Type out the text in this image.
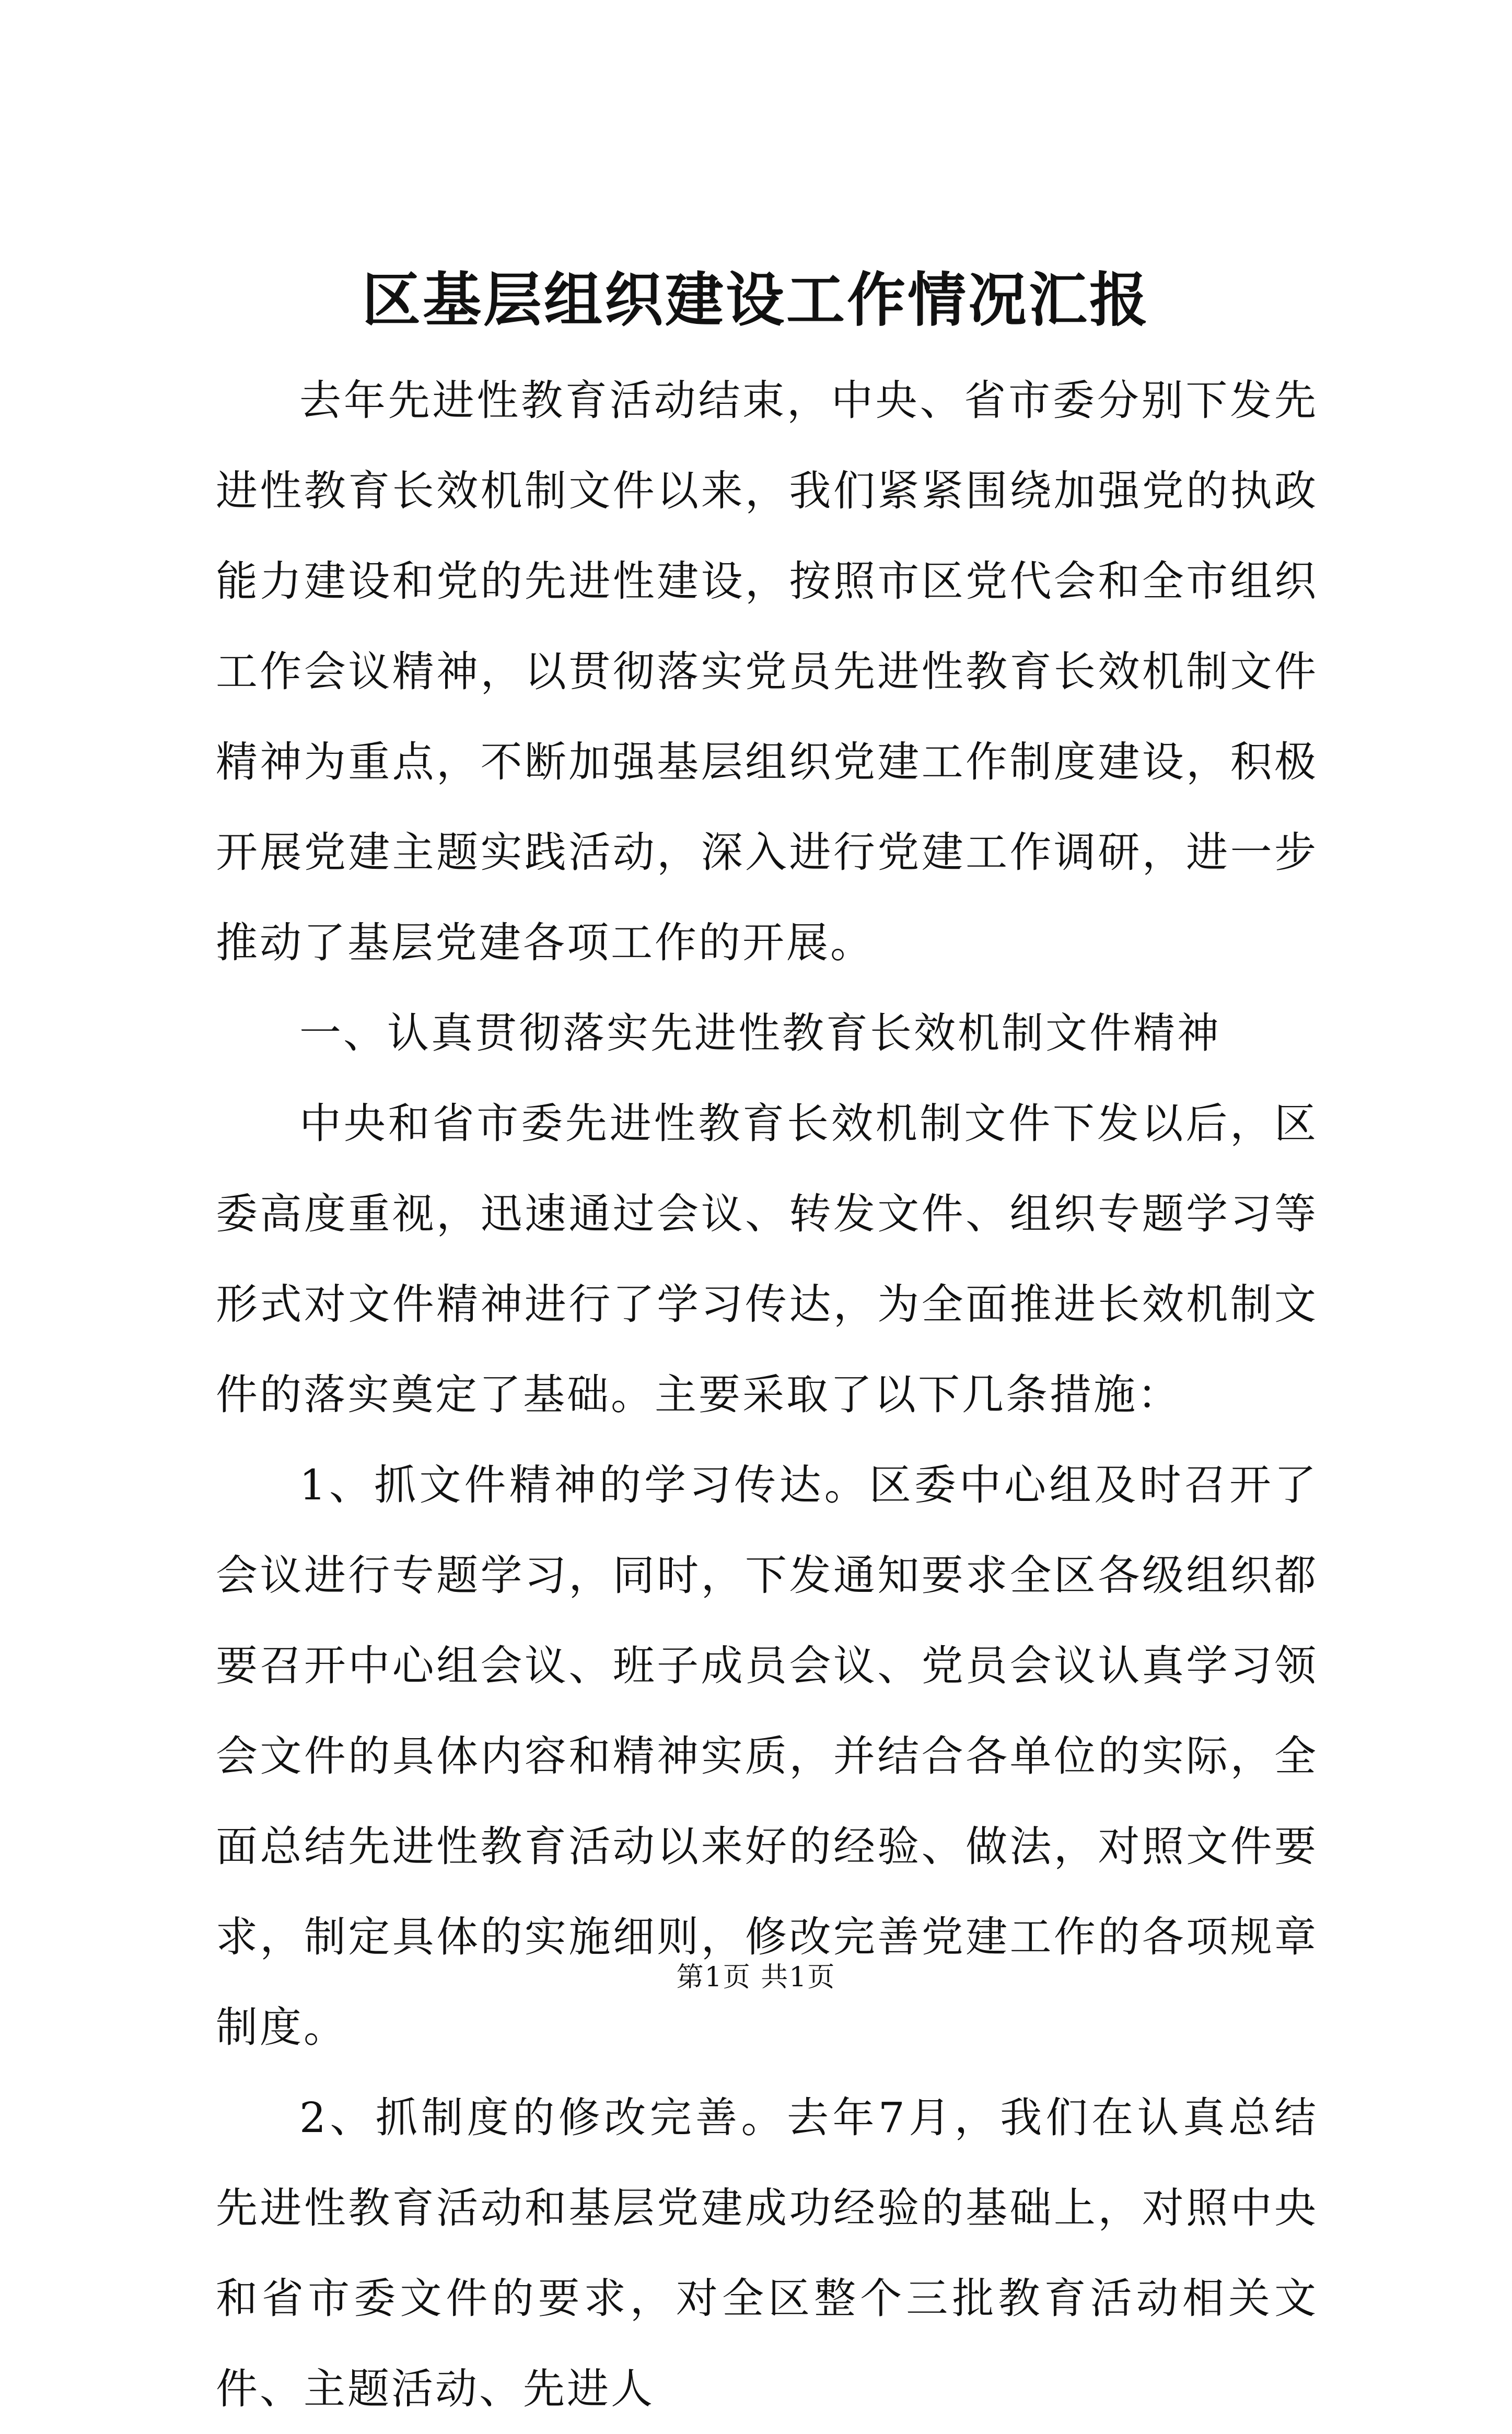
区基层组织建设工作情况汇报

去年先进性教育活动结束，中央、省市委分别下发先进性教育长效机制文件以来，我们紧紧围绕加强党的执政能力建设和党的先进性建设，按照市区党代会和全市组织工作会议精神，以贯彻落实党员先进性教育长效机制文件精神为重点，不断加强基层组织党建工作制度建设，积极开展党建主题实践活动，深入进行党建工作调研，进一步推动了基层党建各项工作的开展。

一、认真贯彻落实先进性教育长效机制文件精神

中央和省市委先进性教育长效机制文件下发以后，区委高度重视，迅速通过会议、转发文件、组织专题学习等形式对文件精神进行了学习传达，为全面推进长效机制文件的落实奠定了基础。主要采取了以下几条措施：

1、抓文件精神的学习传达。区委中心组及时召开了会议进行专题学习，同时，下发通知要求全区各级组织都要召开中心组会议、班子成员会议、党员会议认真学习领会文件的具体内容和精神实质，并结合各单位的实际，全面总结先进性教育活动以来好的经验、做法，对照文件要求，制定具体的实施细则，修改完善党建工作的各项规章制度。

2、抓制度的修改完善。去年7月，我们在认真总结先进性教育活动和基层党建成功经验的基础上，对照中央和省市委文件的要求，对全区整个三批教育活动相关文件、主题活动、先进人

第1页 共1页
